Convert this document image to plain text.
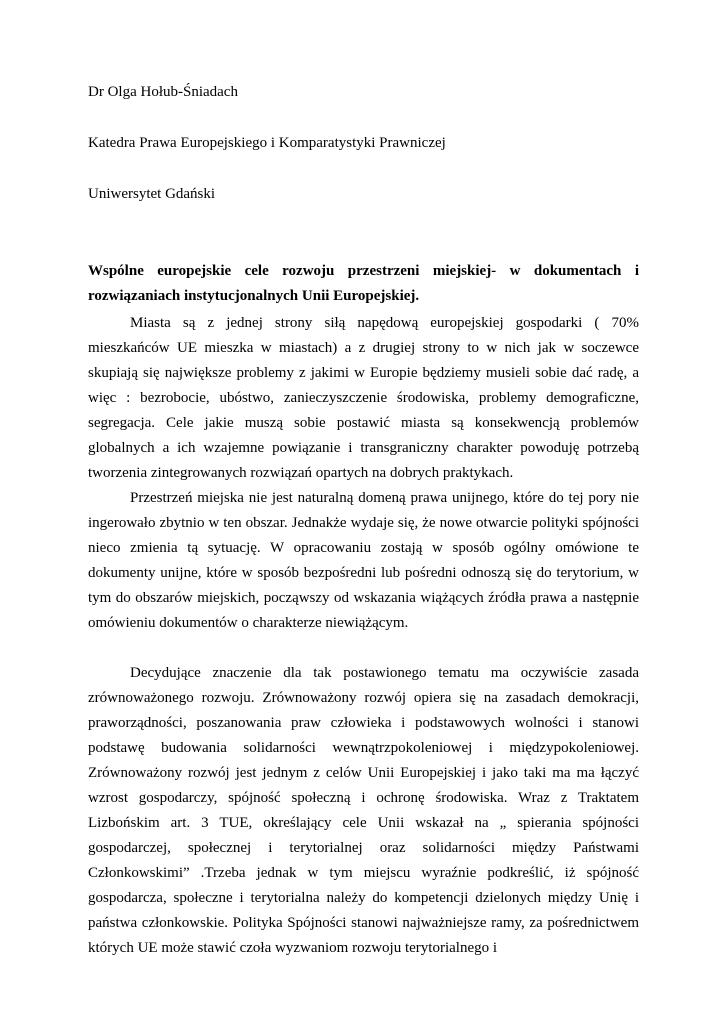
Dr Olga Hołub-Śniadach

Katedra Prawa Europejskiego i Komparatystyki Prawniczej

Uniwersytet Gdański

Wspólne europejskie cele rozwoju przestrzeni miejskiej- w dokumentach i rozwiązaniach instytucjonalnych Unii Europejskiej.

Miasta są z jednej strony siłą napędową europejskiej gospodarki ( 70% mieszkańców UE mieszka w miastach) a z drugiej strony to w nich jak w soczewce skupiają się największe problemy z jakimi w Europie będziemy musieli sobie dać radę, a więc : bezrobocie, ubóstwo, zanieczyszczenie środowiska, problemy demograficzne, segregacja. Cele jakie muszą sobie postawić miasta są konsekwencją problemów globalnych a ich wzajemne powiązanie i transgraniczny charakter powoduję potrzebą tworzenia zintegrowanych rozwiązań opartych na dobrych praktykach.

Przestrzeń miejska nie jest naturalną domeną prawa unijnego, które do tej pory nie ingerowało zbytnio w ten obszar. Jednakże wydaje się, że nowe otwarcie polityki spójności nieco zmienia tą sytuację. W opracowaniu zostają w sposób ogólny omówione te dokumenty unijne, które w sposób bezpośredni lub pośredni odnoszą się do terytorium, w tym do obszarów miejskich, począwszy od wskazania wiążących źródła prawa a następnie omówieniu dokumentów o charakterze niewiążącym.

Decydujące znaczenie dla tak postawionego tematu ma oczywiście zasada zrównoważonego rozwoju. Zrównoważony rozwój opiera się na zasadach demokracji, praworządności, poszanowania praw człowieka i podstawowych wolności i stanowi podstawę budowania solidarności wewnątrzpokoleniowej i międzypokoleniowej. Zrównoważony rozwój jest jednym z celów Unii Europejskiej i jako taki ma ma łączyć wzrost gospodarczy, spójność społeczną i ochronę środowiska. Wraz z Traktatem Lizbońskim art. 3 TUE, określający cele Unii wskazał na „ spierania spójności gospodarczej, społecznej i terytorialnej oraz solidarności między Państwami Członkowskimi” .Trzeba jednak w tym miejscu wyraźnie podkreślić, iż spójność gospodarcza, społeczne i terytorialna należy do kompetencji dzielonych między Unię i państwa członkowskie. Polityka Spójności stanowi najważniejsze ramy, za pośrednictwem których UE może stawić czoła wyzwaniom rozwoju terytorialnego i
